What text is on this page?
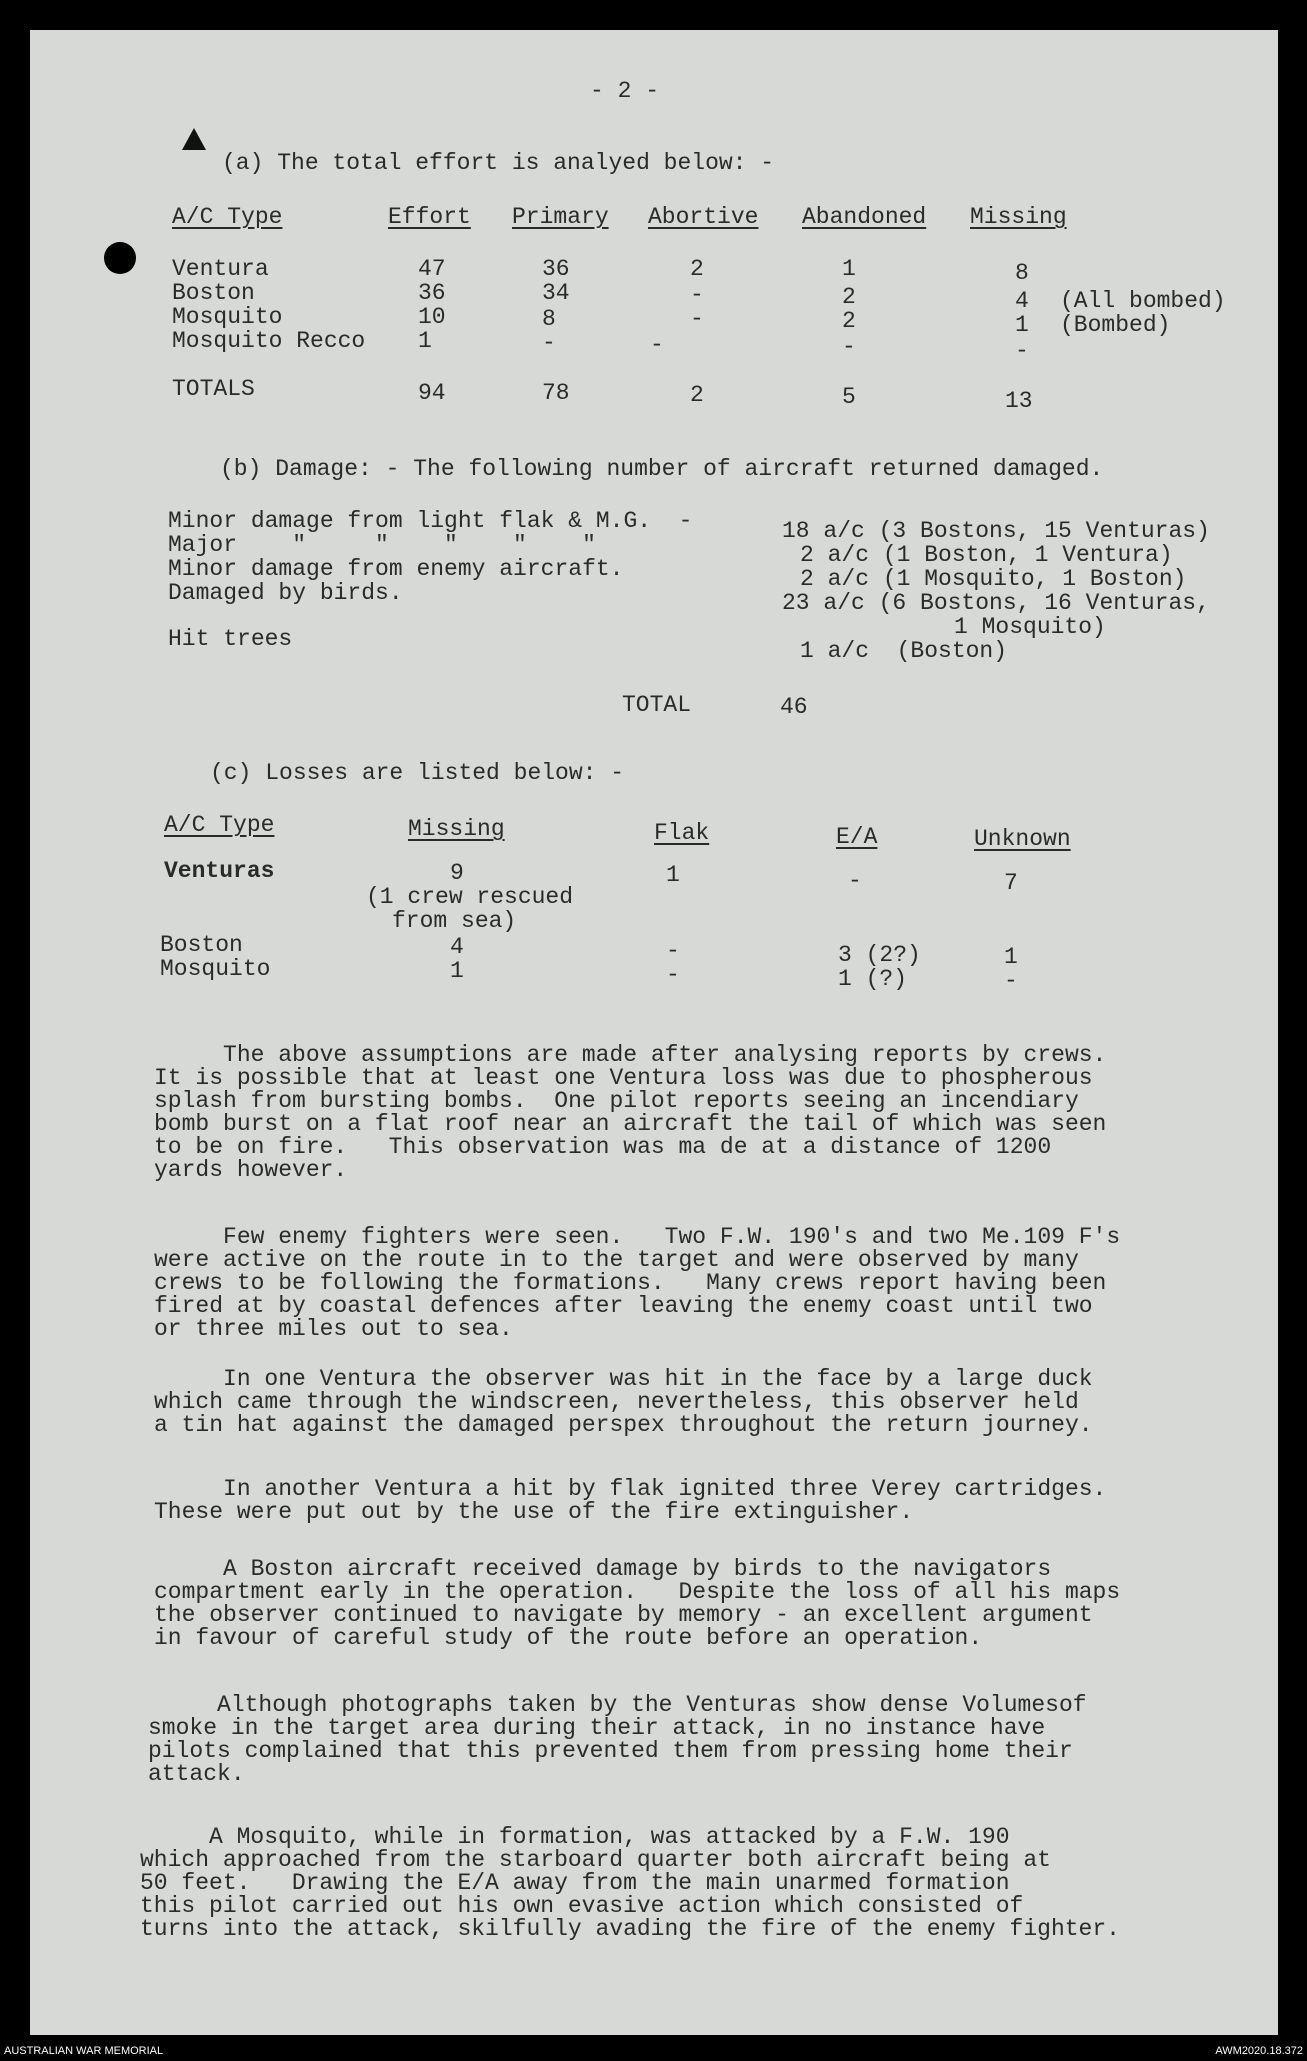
- 2 -
(a) The total effort is analyed below: -
A/C Type	Effort Primary Abortive Abandoned Missing
Ventura	47	36	2	1	8
Boston	36	34	-	2	4 (All bombed)
Mosquito	10	8	-	2	1 (Bombed)
Mosquito Recco 1	-	-	-	-
TOTALS	94	78	2	5	13
(b) Damage: - The following number of aircraft returned damaged.
Minor damage from light flak & M.G.  -	18 a/c (3 Bostons, 15 Venturas)
Major    "     "    "    "    "	2 a/c (1 Boston, 1 Ventura)
Minor damage from enemy aircraft.	2 a/c (1 Mosquito, 1 Boston)
Damaged by birds.	23 a/c (6 Bostons, 16 Venturas,
1 Mosquito)
Hit trees	1 a/c  (Boston)
TOTAL	46
(c) Losses are listed below: -
A/C Type	Missing	Flak	E/A	Unknown
Venturas	9
(1 crew rescued
from sea)
1	-	7
Boston	4	-	3 (2?)	1
Mosquito	1	-	1 (?)	-
The above assumptions are made after analysing reports by crews.
It is possible that at least one Ventura loss was due to phospherous
splash from bursting bombs.  One pilot reports seeing an incendiary
bomb burst on a flat roof near an aircraft the tail of which was seen
to be on fire.   This observation was ma de at a distance of 1200
yards however.
Few enemy fighters were seen.   Two F.W. 190's and two Me.109 F's
were active on the route in to the target and were observed by many
crews to be following the formations.   Many crews report having been
fired at by coastal defences after leaving the enemy coast until two
or three miles out to sea.
In one Ventura the observer was hit in the face by a large duck
which came through the windscreen, nevertheless, this observer held
a tin hat against the damaged perspex throughout the return journey.
In another Ventura a hit by flak ignited three Verey cartridges.
These were put out by the use of the fire extinguisher.
A Boston aircraft received damage by birds to the navigators
compartment early in the operation.   Despite the loss of all his maps
the observer continued to navigate by memory - an excellent argument
in favour of careful study of the route before an operation.
Although photographs taken by the Venturas show dense Volumesof
smoke in the target area during their attack, in no instance have
pilots complained that this prevented them from pressing home their
attack.
A Mosquito, while in formation, was attacked by a F.W. 190
which approached from the starboard quarter both aircraft being at
50 feet.   Drawing the E/A away from the main unarmed formation
this pilot carried out his own evasive action which consisted of
turns into the attack, skilfully avading the fire of the enemy fighter.
AUSTRALIAN WAR MEMORIAL	AWM2020.18.372
